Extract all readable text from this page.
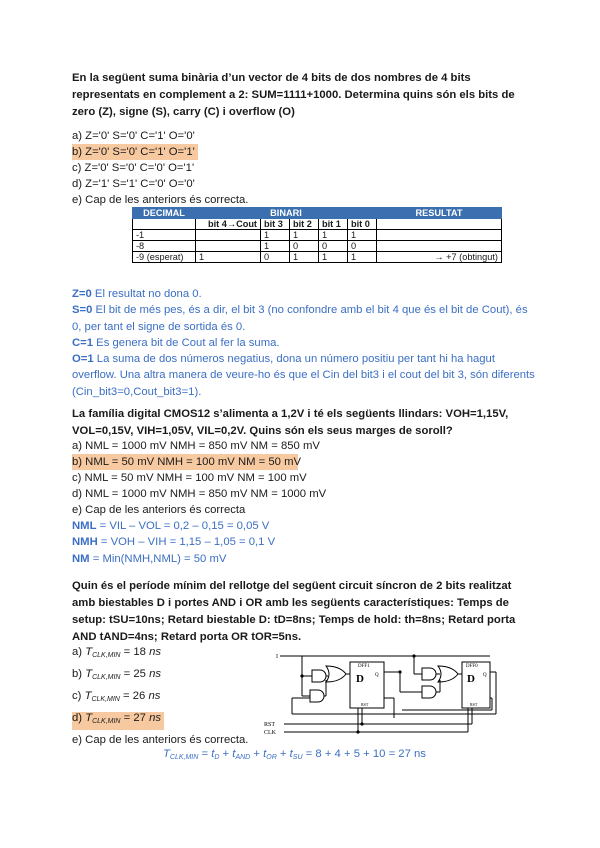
En la següent suma binària d’un vector de 4 bits de dos nombres de 4 bits
representats en complement a 2: SUM=1111+1000. Determina quins són els bits de
zero (Z), signe (S), carry (C) i overflow (O)
a) Z='0' S='0' C='1' O='0'
b) Z='0' S='0' C='1' O='1'
c) Z='0' S='0' C='0' O='1'
d) Z='1' S='1' C='0' O='0'
e) Cap de les anteriors és correcta.
DECIMAL	BINARI					RESULTAT
	bit 4→Cout	bit 3	bit 2	bit 1	bit 0	
-1		1	1	1	1	
-8		1	0	0	0	
-9 (esperat)	1	0	1	1	1	→ +7 (obtingut)
Z=0 El resultat no dona 0.
S=0 El bit de més pes, és a dir, el bit 3 (no confondre amb el bit 4 que és el bit de Cout), és
0, per tant el signe de sortida és 0.
C=1 Es genera bit de Cout al fer la suma.
O=1 La suma de dos números negatius, dona un número positiu per tant hi ha hagut
overflow. Una altra manera de veure-ho és que el Cin del bit3 i el cout del bit 3, són diferents
(Cin_bit3=0,Cout_bit3=1).
La família digital CMOS12 s’alimenta a 1,2V i té els següents llindars: VOH=1,15V,
VOL=0,15V, VIH=1,05V, VIL=0,2V. Quins són els seus marges de soroll?
a) NML = 1000 mV NMH = 850 mV NM = 850 mV
b) NML = 50 mV NMH = 100 mV NM = 50 mV
c) NML = 50 mV NMH = 100 mV NM = 100 mV
d) NML = 1000 mV NMH = 850 mV NM = 1000 mV
e) Cap de les anteriors és correcta
NML = VIL – VOL = 0,2 – 0,15 = 0,05 V
NMH = VOH – VIH = 1,15 – 1,05 = 0,1 V
NM = Min(NMH,NML) = 50 mV
Quin és el període mínim del rellotge del següent circuit síncron de 2 bits realitzat
amb biestables D i portes AND i OR amb les següents característiques: Temps de
setup: tSU=10ns; Retard biestable D: tD=8ns; Temps de hold: th=8ns; Retard porta
AND tAND=4ns; Retard porta OR tOR=5ns.
a) $T_{CLK,MIN} = 18$ ns
b) $T_{CLK,MIN} = 25$ ns
c) $T_{CLK,MIN} = 26$ ns
d) $T_{CLK,MIN} = 27$ ns
e) Cap de les anteriors és correcta.
I
DFF1
D Q
RST
DFF0
D Q
RST
RST
CLK
$T_{CLK,MIN} = t_D + t_{AND} + t_{OR} + t_{SU} = 8 + 4 + 5 + 10 = 27$ ns
